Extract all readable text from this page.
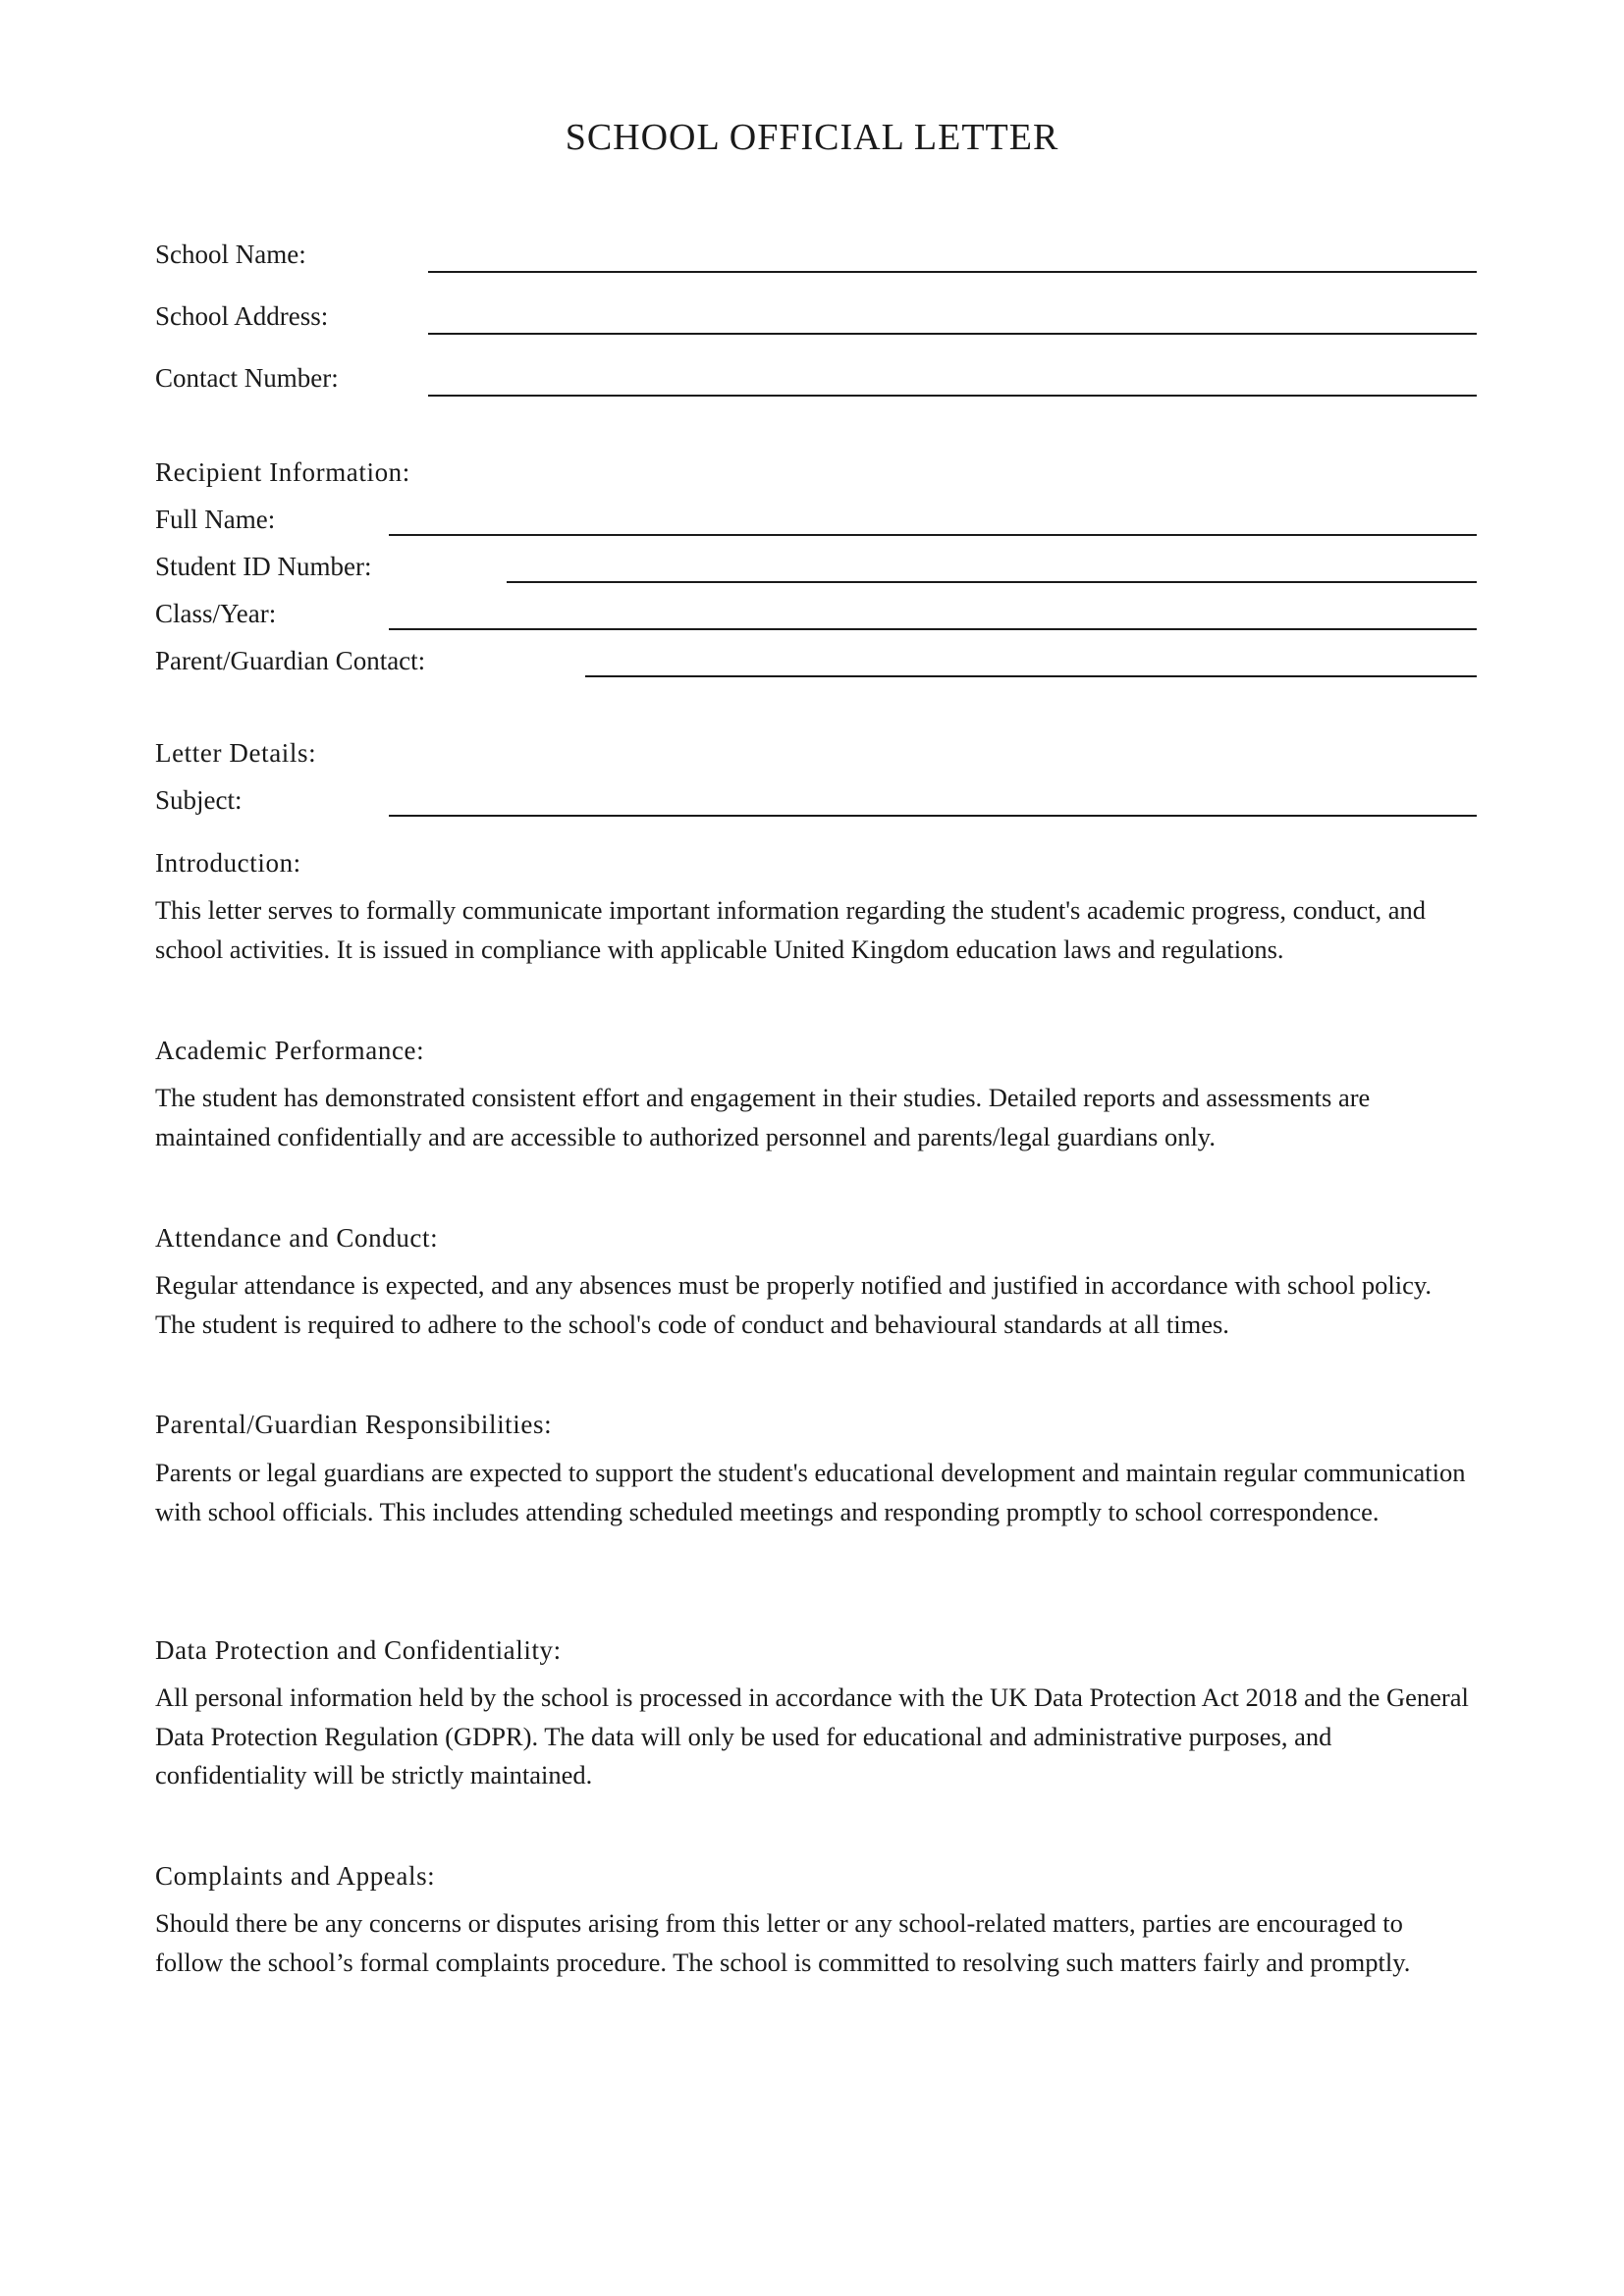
SCHOOL OFFICIAL LETTER
School Name:
School Address:
Contact Number:
Recipient Information:
Full Name:
Student ID Number:
Class/Year:
Parent/Guardian Contact:
Letter Details:
Subject:
Introduction:

This letter serves to formally communicate important information regarding the student's academic progress, conduct, and school activities. It is issued in compliance with applicable United Kingdom education laws and regulations.

Academic Performance:

The student has demonstrated consistent effort and engagement in their studies. Detailed reports and assessments are maintained confidentially and are accessible to authorized personnel and parents/legal guardians only.

Attendance and Conduct:

Regular attendance is expected, and any absences must be properly notified and justified in accordance with school policy. The student is required to adhere to the school's code of conduct and behavioural standards at all times.

Parental/Guardian Responsibilities:

Parents or legal guardians are expected to support the student's educational development and maintain regular communication with school officials. This includes attending scheduled meetings and responding promptly to school correspondence.

Data Protection and Confidentiality:

All personal information held by the school is processed in accordance with the UK Data Protection Act 2018 and the General Data Protection Regulation (GDPR). The data will only be used for educational and administrative purposes, and confidentiality will be strictly maintained.

Complaints and Appeals:

Should there be any concerns or disputes arising from this letter or any school-related matters, parties are encouraged to follow the school’s formal complaints procedure. The school is committed to resolving such matters fairly and promptly.
